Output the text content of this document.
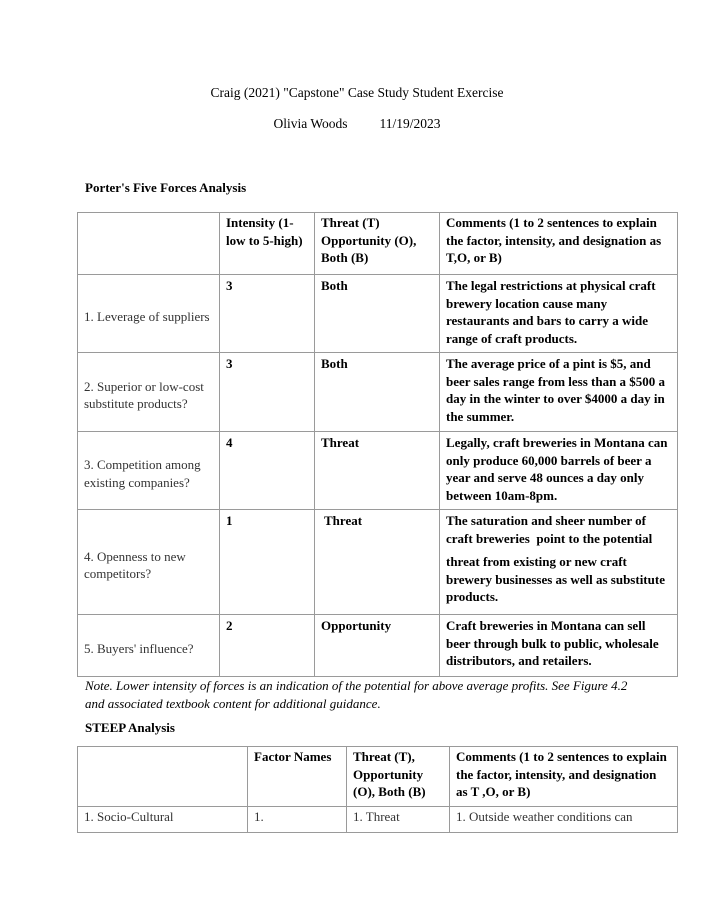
Craig (2021) "Capstone" Case Study Student Exercise
Olivia Woods 11/19/2023
Porter's Five Forces Analysis
	Intensity (1-low to 5-high)	Threat (T) Opportunity (O), Both (B)	Comments (1 to 2 sentences to explain the factor, intensity, and designation as T,O, or B)
1. Leverage of suppliers	3	Both	The legal restrictions at physical craft brewery location cause many restaurants and bars to carry a wide range of craft products.
2. Superior or low-cost substitute products?	3	Both	The average price of a pint is $5, and beer sales range from less than a $500 a day in the winter to over $4000 a day in the summer.
3. Competition among existing companies?	4	Threat	Legally, craft breweries in Montana can only produce 60,000 barrels of beer a year and serve 48 ounces a day only between 10am-8pm.
4. Openness to new competitors?	1	Threat	The saturation and sheer number of craft breweries  point to the potential
threat from existing or new craft brewery businesses as well as substitute products.

5. Buyers' influence?	2	Opportunity	Craft breweries in Montana can sell beer through bulk to public, wholesale distributors, and retailers.
Note. Lower intensity of forces is an indication of the potential for above average profits. See Figure 4.2 and associated textbook content for additional guidance.
STEEP Analysis
	Factor Names	Threat (T), Opportunity (O), Both (B)	Comments (1 to 2 sentences to explain the factor, intensity, and designation as T ,O, or B)
1. Socio-Cultural	1.	1. Threat	1. Outside weather conditions can
